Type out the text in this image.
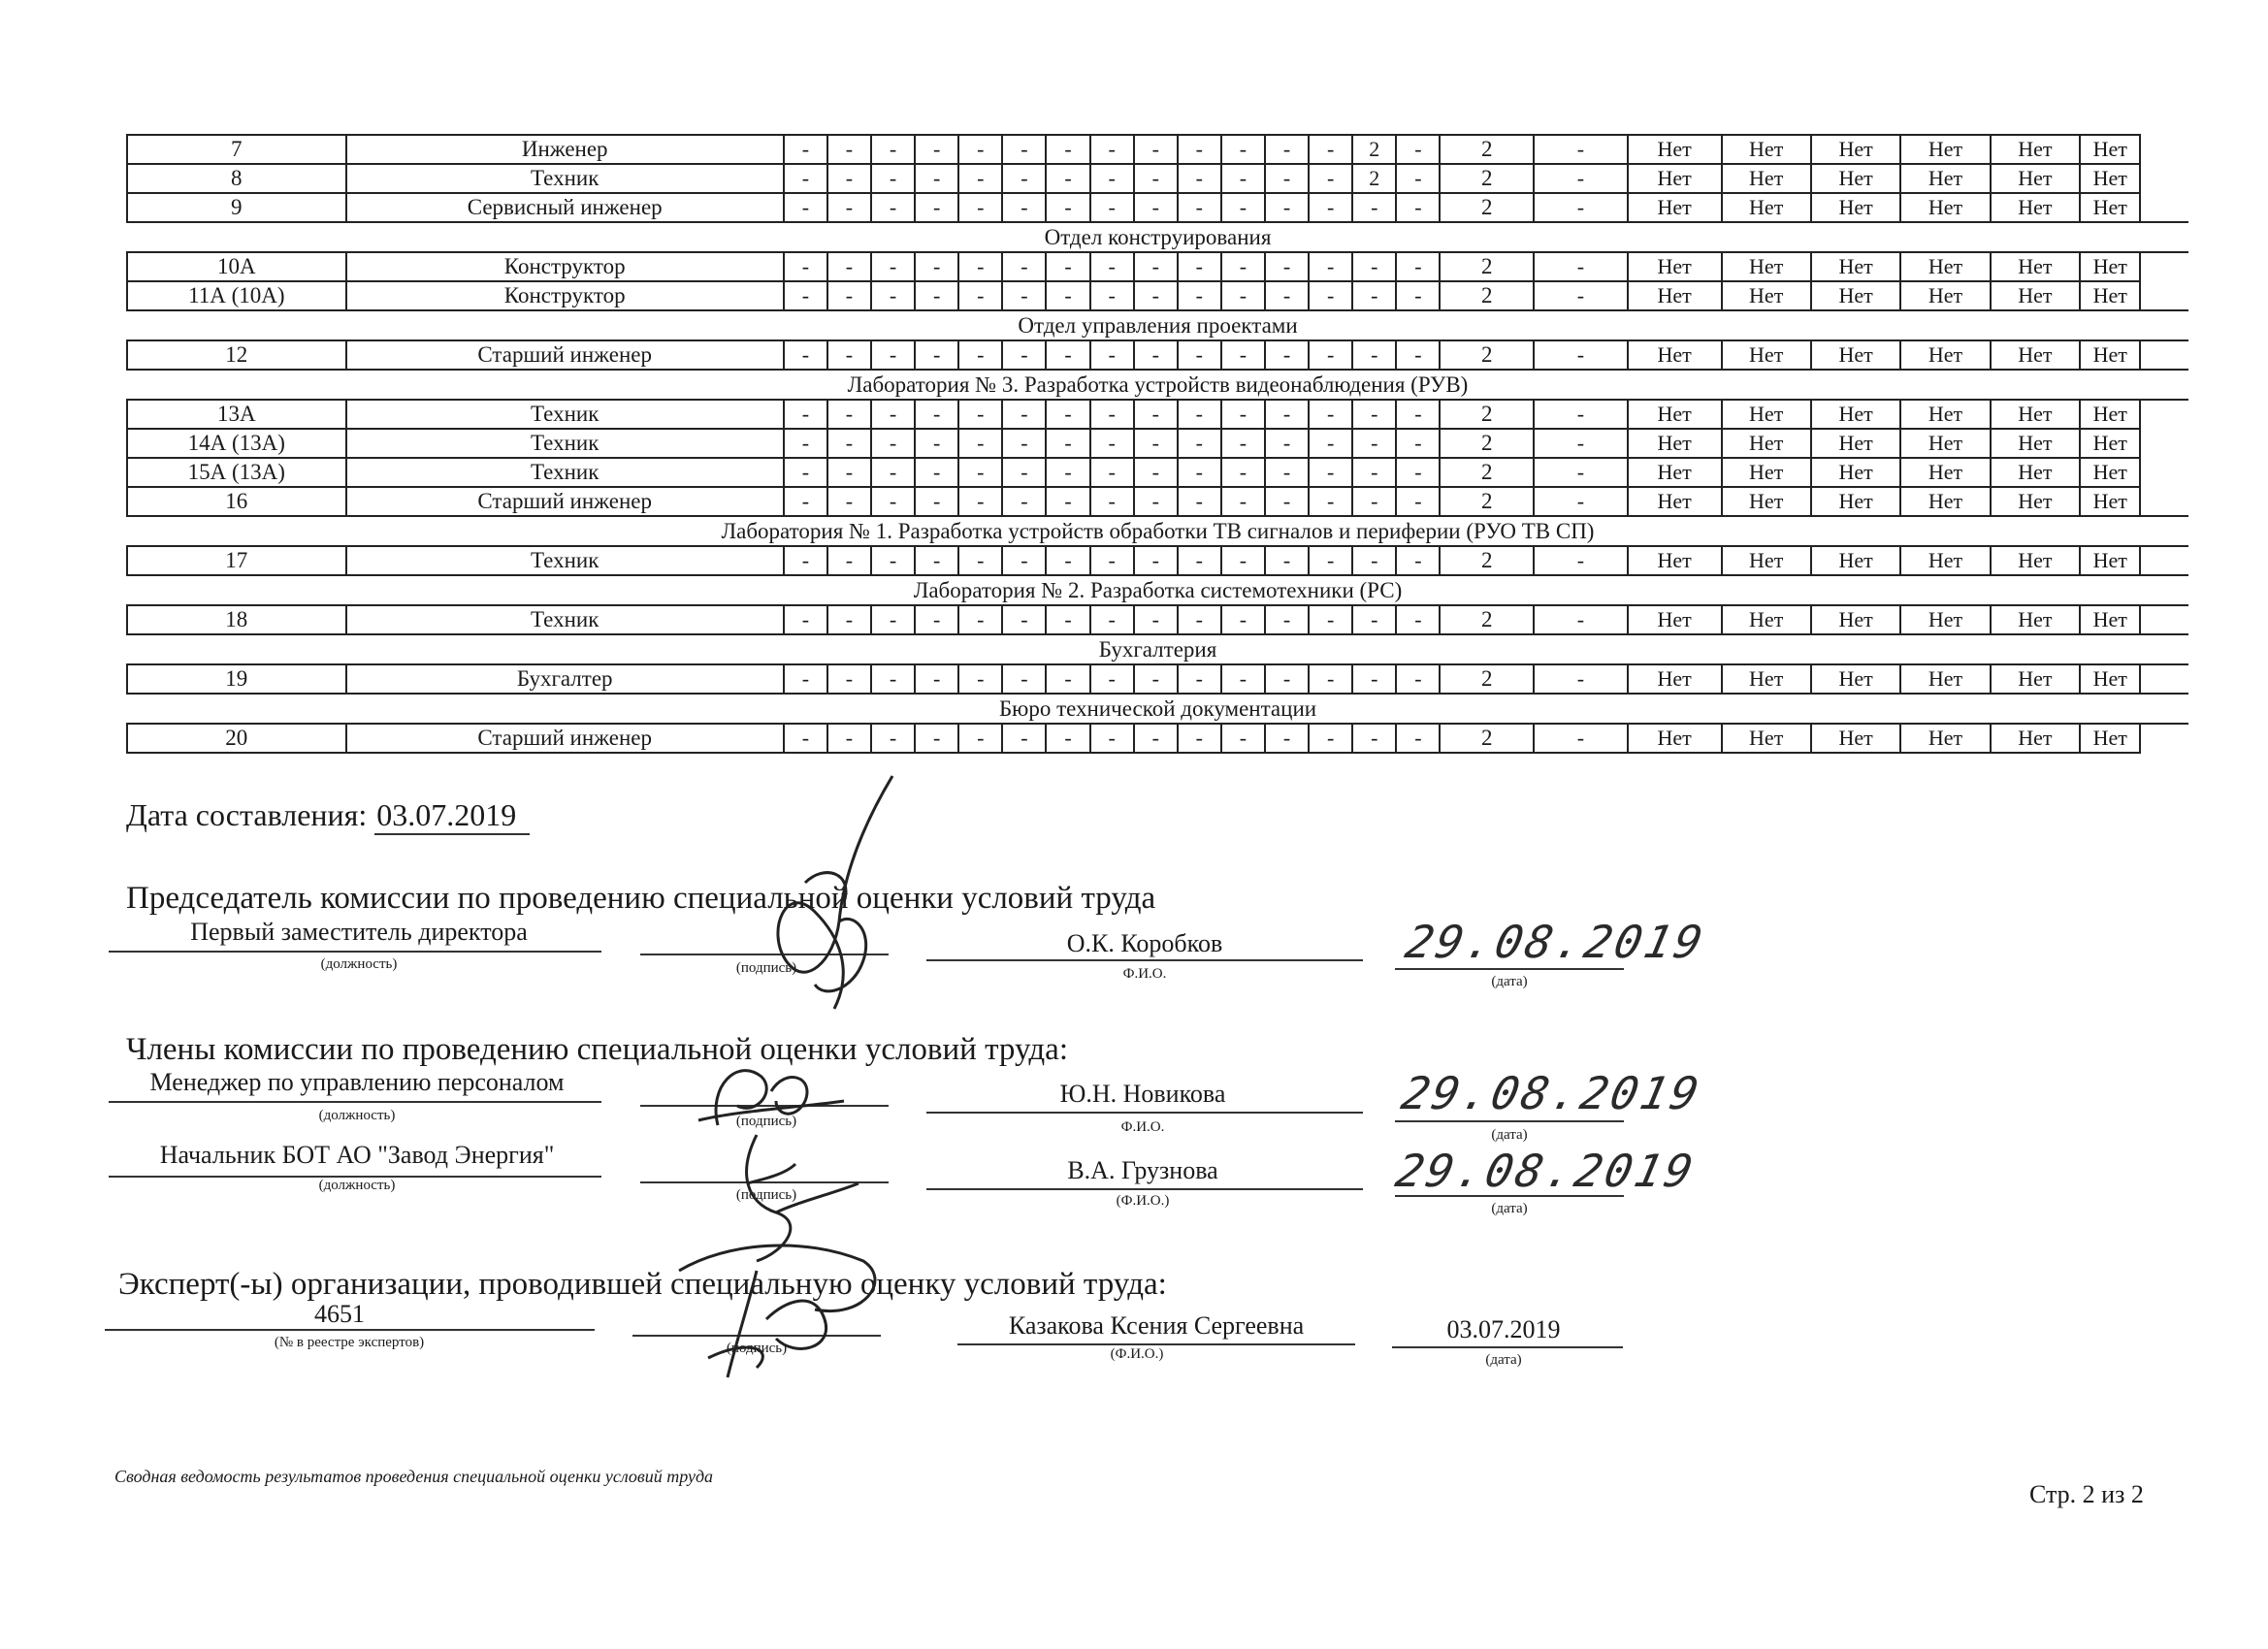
7	Инженер	-	-	-	-	-	-	-	-	-	-	-	-	-	2	-	2	-	Нет	Нет	Нет	Нет	Нет	Нет
8	Техник	-	-	-	-	-	-	-	-	-	-	-	-	-	2	-	2	-	Нет	Нет	Нет	Нет	Нет	Нет
9	Сервисный инженер	-	-	-	-	-	-	-	-	-	-	-	-	-	-	-	2	-	Нет	Нет	Нет	Нет	Нет	Нет
Отдел конструирования																								
10А	Конструктор	-	-	-	-	-	-	-	-	-	-	-	-	-	-	-	2	-	Нет	Нет	Нет	Нет	Нет	Нет
11А (10А)	Конструктор	-	-	-	-	-	-	-	-	-	-	-	-	-	-	-	2	-	Нет	Нет	Нет	Нет	Нет	Нет
Отдел управления проектами																								
12	Старший инженер	-	-	-	-	-	-	-	-	-	-	-	-	-	-	-	2	-	Нет	Нет	Нет	Нет	Нет	Нет
Лаборатория № 3. Разработка устройств видеонаблюдения (РУВ)																								
13А	Техник	-	-	-	-	-	-	-	-	-	-	-	-	-	-	-	2	-	Нет	Нет	Нет	Нет	Нет	Нет
14А (13А)	Техник	-	-	-	-	-	-	-	-	-	-	-	-	-	-	-	2	-	Нет	Нет	Нет	Нет	Нет	Нет
15А (13А)	Техник	-	-	-	-	-	-	-	-	-	-	-	-	-	-	-	2	-	Нет	Нет	Нет	Нет	Нет	Нет
16	Старший инженер	-	-	-	-	-	-	-	-	-	-	-	-	-	-	-	2	-	Нет	Нет	Нет	Нет	Нет	Нет
Лаборатория № 1. Разработка устройств обработки ТВ сигналов и периферии (РУО ТВ СП)																								
17	Техник	-	-	-	-	-	-	-	-	-	-	-	-	-	-	-	2	-	Нет	Нет	Нет	Нет	Нет	Нет
Лаборатория № 2. Разработка системотехники (РС)																								
18	Техник	-	-	-	-	-	-	-	-	-	-	-	-	-	-	-	2	-	Нет	Нет	Нет	Нет	Нет	Нет
Бухгалтерия																								
19	Бухгалтер	-	-	-	-	-	-	-	-	-	-	-	-	-	-	-	2	-	Нет	Нет	Нет	Нет	Нет	Нет
Бюро технической документации																								
20	Старший инженер	-	-	-	-	-	-	-	-	-	-	-	-	-	-	-	2	-	Нет	Нет	Нет	Нет	Нет	Нет
Дата составления: 03.07.2019
Председатель комиссии по проведению специальной оценки условий труда
Первый заместитель директора
(должность)	(подпись)
О.К. Коробков
Ф.И.О.
29.08.2019
(дата)
Члены комиссии по проведению специальной оценки условий труда:
Менеджер по управлению персоналом
(должность)	(подпись)
Ю.Н. Новикова
Ф.И.О.
29.08.2019
(дата)
Начальник БОТ АО "Завод Энергия"
(должность)
(подпись)
В.А. Грузнова
(Ф.И.О.)
29.08.2019
(дата)
Эксперт(-ы) организации, проводившей специальную оценку условий труда:
4651
(№ в реестре экспертов)	(подпись)
Казакова Ксения Сергеевна
(Ф.И.О.)
03.07.2019
(дата)
Сводная ведомость результатов проведения специальной оценки условий труда
Стр. 2 из 2
